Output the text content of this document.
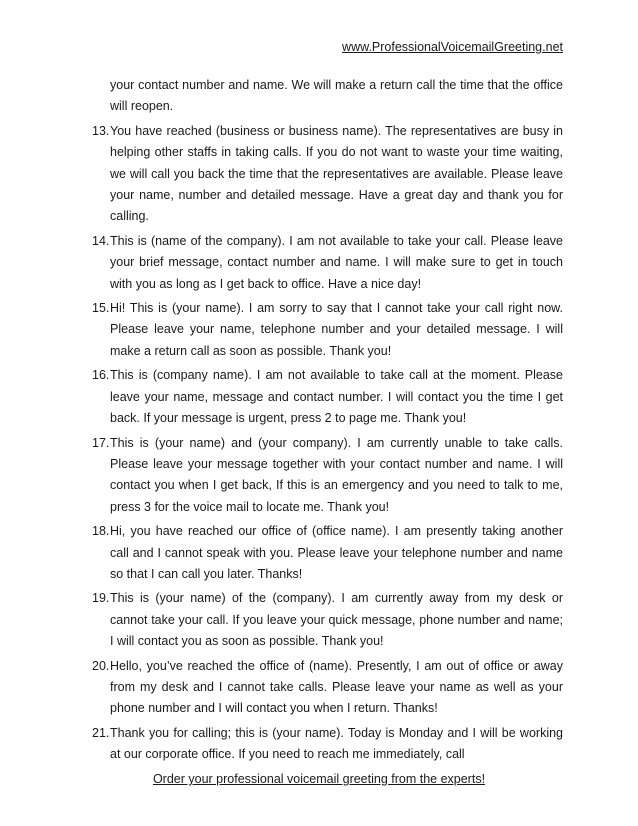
www.ProfessionalVoicemailGreeting.net

your contact number and name. We will make a return call the time that the office will reopen.

13. You have reached (business or business name). The representatives are busy in helping other staffs in taking calls. If you do not want to waste your time waiting, we will call you back the time that the representatives are available. Please leave your name, number and detailed message. Have a great day and thank you for calling.

14. This is (name of the company). I am not available to take your call. Please leave your brief message, contact number and name. I will make sure to get in touch with you as long as I get back to office. Have a nice day!

15. Hi! This is (your name). I am sorry to say that I cannot take your call right now. Please leave your name, telephone number and your detailed message. I will make a return call as soon as possible. Thank you!

16. This is (company name). I am not available to take call at the moment. Please leave your name, message and contact number. I will contact you the time I get back. If your message is urgent, press 2 to page me. Thank you!

17. This is (your name) and (your company). I am currently unable to take calls. Please leave your message together with your contact number and name. I will contact you when I get back, If this is an emergency and you need to talk to me, press 3 for the voice mail to locate me. Thank you!

18. Hi, you have reached our office of (office name). I am presently taking another call and I cannot speak with you. Please leave your telephone number and name so that I can call you later. Thanks!

19. This is (your name) of the (company). I am currently away from my desk or cannot take your call. If you leave your quick message, phone number and name; I will contact you as soon as possible. Thank you!

20. Hello, you’ve reached the office of (name). Presently, I am out of office or away from my desk and I cannot take calls. Please leave your name as well as your phone number and I will contact you when I return. Thanks!

21. Thank you for calling; this is (your name). Today is Monday and I will be working at our corporate office. If you need to reach me immediately, call

Order your professional voicemail greeting from the experts!
